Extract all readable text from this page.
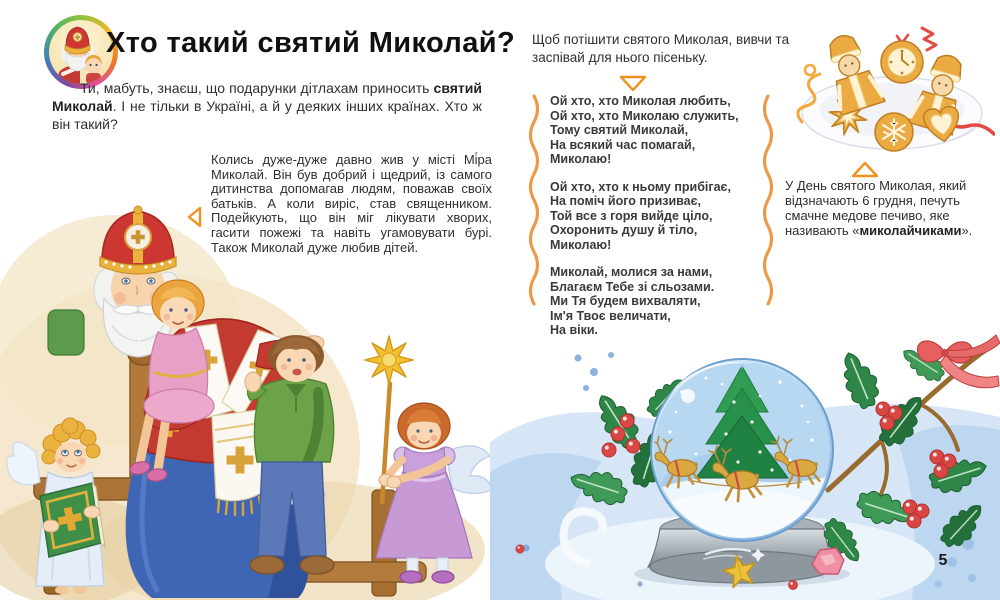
Хто такий святий Миколай?
Ти, мабуть, знаєш, що подарунки дітлахам приносить святий Миколай. І не тільки в Україні, а й у деяких інших країнах. Хто ж він такий?
Колись дуже-дуже давно жив у місті Мі́ра Миколай. Він був добрий і щедрий, із самого дитинства допомагав людям, поважав своїх батьків. А коли виріс, став священником. Подейкують, що він міг лікувати хворих, гасити пожежі та навіть угамовувати бурі. Також Миколай дуже любив дітей.
Щоб потішити святого Миколая, вивчи та заспівай для нього пісеньку.
Ой хто, хто Миколая любить,
Ой хто, хто Миколаю служить,
Тому святий Миколай,
На всякий час помагай,
Миколаю!
Ой хто, хто к ньому прибігає,
На поміч його призиває,
Той все з горя вийде ціло,
Охоронить душу й тіло,
Миколаю!
Миколай, молися за нами,
Благаєм Тебе зі сльозами.
Ми Тя будем вихваляти,
Ім'я Твоє величати,
На віки.
У День святого Миколая, який відзначають 6 грудня, печуть смачне медове печиво, яке називають «миколайчиками».
5
